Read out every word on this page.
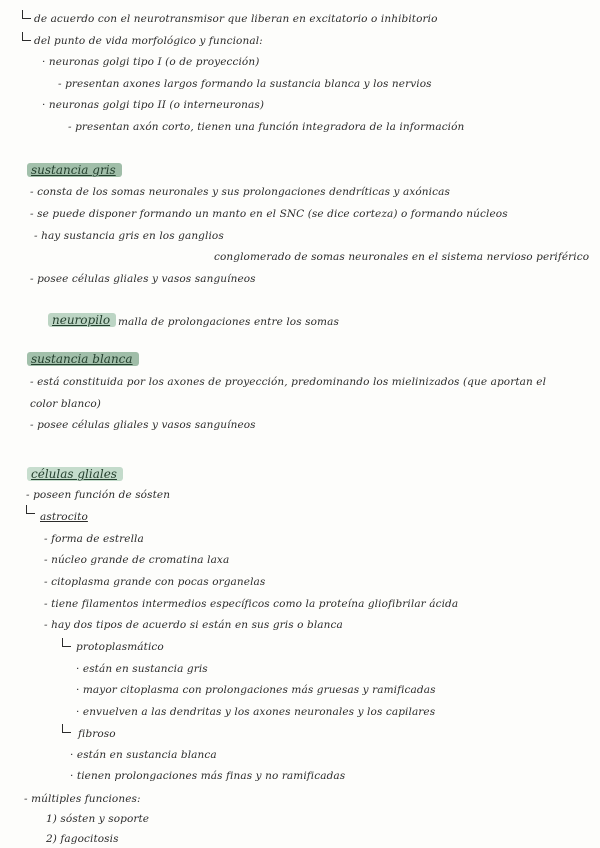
de acuerdo con el neurotransmisor que liberan en excitatorio o inhibitorio
del punto de vida morfológico y funcional:
· neuronas golgi tipo I (o de proyección)
- presentan axones largos formando la sustancia blanca y los nervios
· neuronas golgi tipo II (o interneuronas)
- presentan axón corto, tienen una función integradora de la información
sustancia gris
- consta de los somas neuronales y sus prolongaciones dendríticas y axónicas
- se puede disponer formando un manto en el SNC (se dice corteza) o formando núcleos
- hay sustancia gris en los ganglios
conglomerado de somas neuronales en el sistema nervioso periférico
- posee células gliales y vasos sanguíneos
neuropilo malla de prolongaciones entre los somas
sustancia blanca
- está constituida por los axones de proyección, predominando los mielinizados (que aportan el
color blanco)
- posee células gliales y vasos sanguíneos
células gliales
- poseen función de sósten
astrocito
- forma de estrella
- núcleo grande de cromatina laxa
- citoplasma grande con pocas organelas
- tiene filamentos intermedios específicos como la proteína gliofibrilar ácida
- hay dos tipos de acuerdo si están en sus gris o blanca
protoplasmático
· están en sustancia gris
· mayor citoplasma con prolongaciones más gruesas y ramificadas
· envuelven a las dendritas y los axones neuronales y los capilares
fibroso
· están en sustancia blanca
· tienen prolongaciones más finas y no ramificadas
- múltiples funciones:
1) sósten y soporte
2) fagocitosis
